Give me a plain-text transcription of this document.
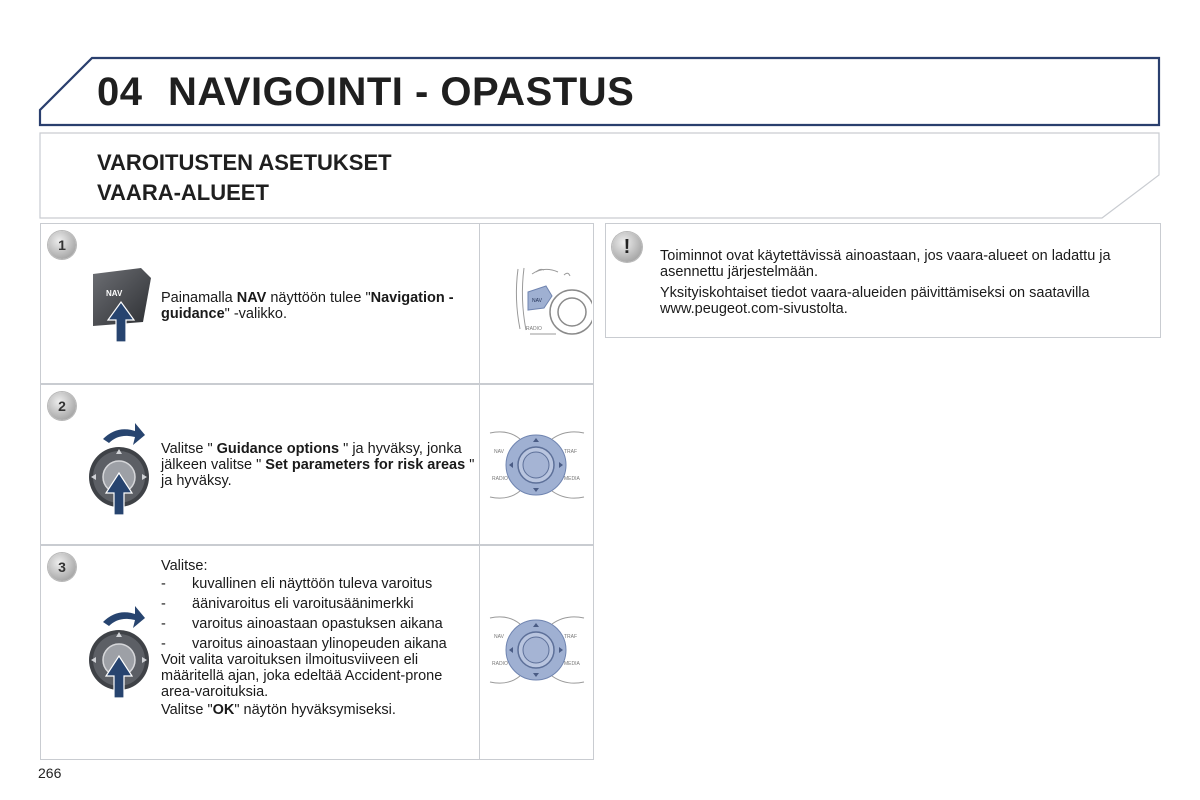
04 NAVIGOINTI - OPASTUS
VAROITUSTEN ASETUKSET
VAARA-ALUEET
1
NAV	Painamalla NAV näyttöön tulee "Navigation - guidance" -valikko.
NAV
RADIO
2
Valitse " Guidance options " ja hyväksy, jonka jälkeen valitse " Set parameters for risk areas " ja hyväksy.
NAV	TRAF
RADIO	MEDIA
3	Valitse:

- kuvallinen eli näyttöön tuleva varoitus
- äänivaroitus eli varoitusäänimerkki
- varoitus ainoastaan opastuksen aikana
- varoitus ainoastaan ylinopeuden aikana

Voit valita varoituksen ilmoitusviiveen eli määritellä ajan, joka edeltää Accident-prone area-varoituksia.

Valitse "OK" näytön hyväksymiseksi.

NAV	TRAF
RADIO	MEDIA
!	Toiminnot ovat käytettävissä ainoastaan, jos vaara-alueet on ladattu ja asennettu järjestelmään.

Yksityiskohtaiset tiedot vaara-alueiden päivittämiseksi on saatavilla www.peugeot.com-sivustolta.

266
